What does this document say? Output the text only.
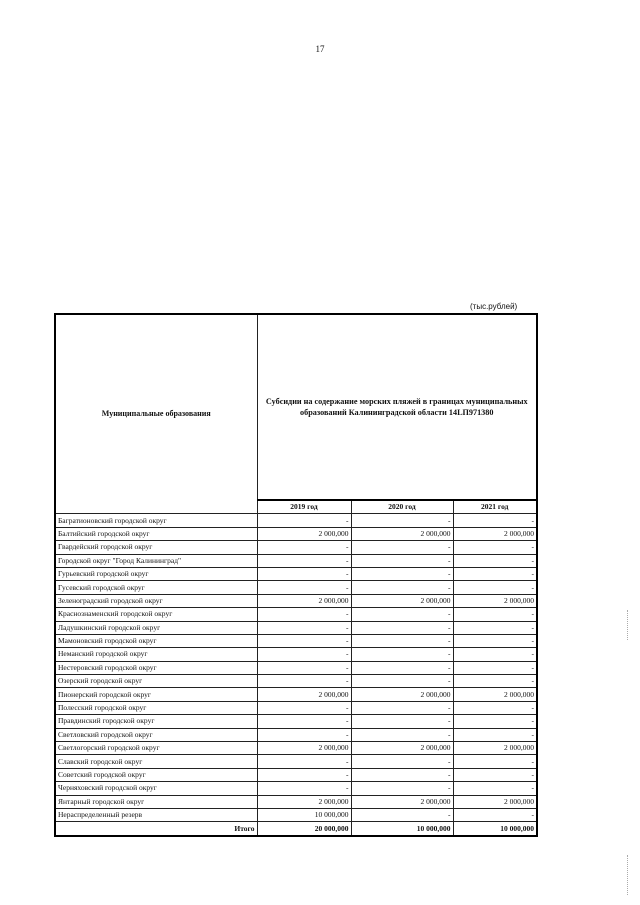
17
(тыс.рублей)
Муниципальные образования	Субсидии на содержание морских пляжей в границах муниципальных образований Калининградской области 14LП971380		
	2019 год	2020 год	2021 год
Багратионовский городской округ	-	-	-
Балтийский городской округ	2 000,000	2 000,000	2 000,000
Гвардейский городской округ	-	-	-
Городской округ "Город Калининград"	-	-	-
Гурьевский городской округ	-	-	-
Гусевский городской округ	-	-	-
Зеленоградский городской округ	2 000,000	2 000,000	2 000,000
Краснознаменский городской округ	-	-	-
Ладушкинский городской округ	-	-	-
Мамоновский городской округ	-	-	-
Неманский городской округ	-	-	-
Нестеровский городской округ	-	-	-
Озерский городской округ	-	-	-
Пионерский городской округ	2 000,000	2 000,000	2 000,000
Полесский городской округ	-	-	-
Правдинский городской округ	-	-	-
Светловский городской округ	-	-	-
Светлогорский городской округ	2 000,000	2 000,000	2 000,000
Славский городской округ	-	-	-
Советский городской округ	-	-	-
Черняховский городской округ	-	-	-
Янтарный городской округ	2 000,000	2 000,000	2 000,000
Нераспределенный резерв	10 000,000	-	-
Итого	20 000,000	10 000,000	10 000,000
